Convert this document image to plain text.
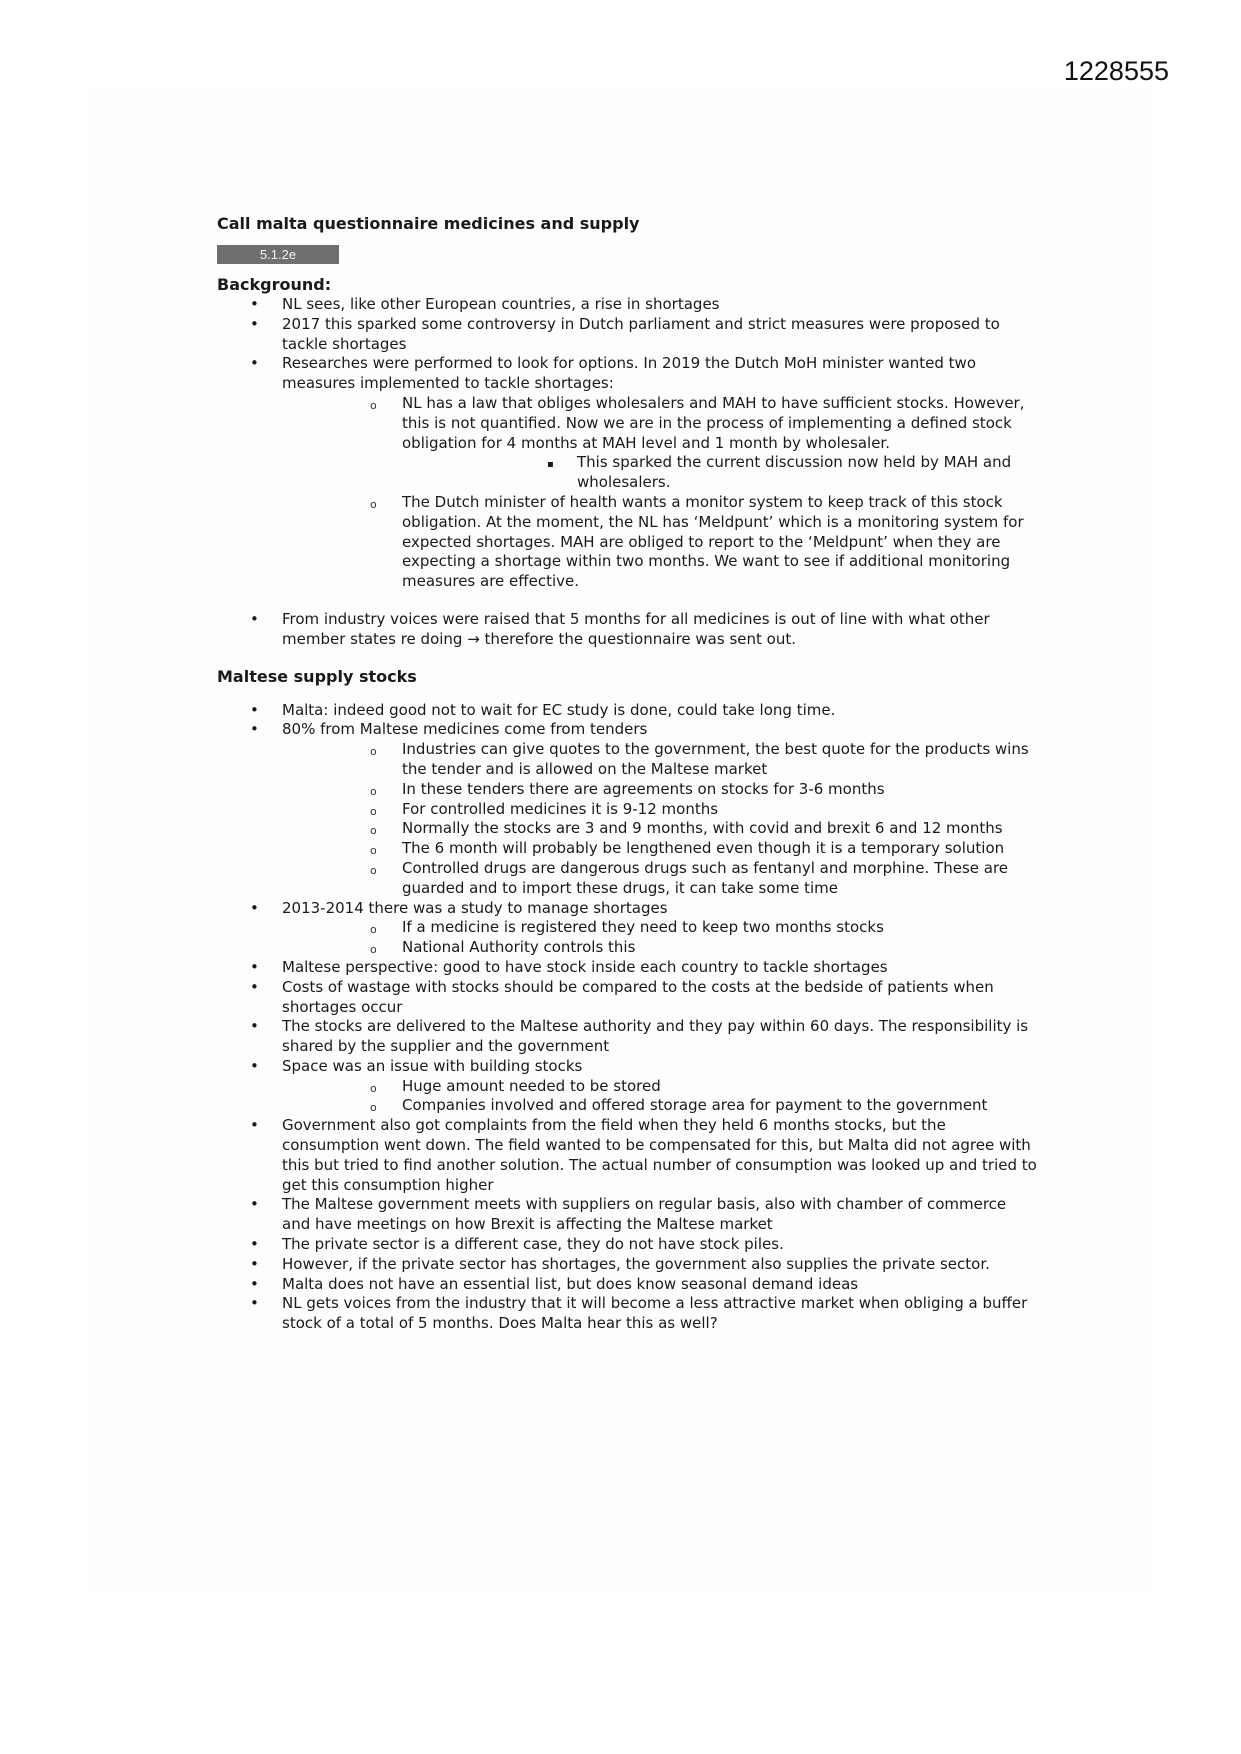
1228555
Call malta questionnaire medicines and supply
5.1.2e
Background:
• NL sees, like other European countries, a rise in shortages
• 2017 this sparked some controversy in Dutch parliament and strict measures were proposed to tackle shortages
• Researches were performed to look for options. In 2019 the Dutch MoH minister wanted two measures implemented to tackle shortages:
o NL has a law that obliges wholesalers and MAH to have sufficient stocks. However, this is not quantified. Now we are in the process of implementing a defined stock obligation for 4 months at MAH level and 1 month by wholesaler.
▪ This sparked the current discussion now held by MAH and wholesalers.
o The Dutch minister of health wants a monitor system to keep track of this stock obligation. At the moment, the NL has ‘Meldpunt’ which is a monitoring system for expected shortages. MAH are obliged to report to the ‘Meldpunt’ when they are expecting a shortage within two months. We want to see if additional monitoring measures are effective.
• From industry voices were raised that 5 months for all medicines is out of line with what other member states re doing → therefore the questionnaire was sent out.
Maltese supply stocks
• Malta: indeed good not to wait for EC study is done, could take long time.
• 80% from Maltese medicines come from tenders
o Industries can give quotes to the government, the best quote for the products wins the tender and is allowed on the Maltese market
o In these tenders there are agreements on stocks for 3-6 months
o For controlled medicines it is 9-12 months
o Normally the stocks are 3 and 9 months, with covid and brexit 6 and 12 months
o The 6 month will probably be lengthened even though it is a temporary solution
o Controlled drugs are dangerous drugs such as fentanyl and morphine. These are guarded and to import these drugs, it can take some time
• 2013-2014 there was a study to manage shortages
o If a medicine is registered they need to keep two months stocks
o National Authority controls this
• Maltese perspective: good to have stock inside each country to tackle shortages
• Costs of wastage with stocks should be compared to the costs at the bedside of patients when shortages occur
• The stocks are delivered to the Maltese authority and they pay within 60 days. The responsibility is shared by the supplier and the government
• Space was an issue with building stocks
o Huge amount needed to be stored
o Companies involved and offered storage area for payment to the government
• Government also got complaints from the field when they held 6 months stocks, but the consumption went down. The field wanted to be compensated for this, but Malta did not agree with this but tried to find another solution. The actual number of consumption was looked up and tried to get this consumption higher
• The Maltese government meets with suppliers on regular basis, also with chamber of commerce and have meetings on how Brexit is affecting the Maltese market
• The private sector is a different case, they do not have stock piles.
• However, if the private sector has shortages, the government also supplies the private sector.
• Malta does not have an essential list, but does know seasonal demand ideas
• NL gets voices from the industry that it will become a less attractive market when obliging a buffer stock of a total of 5 months. Does Malta hear this as well?
